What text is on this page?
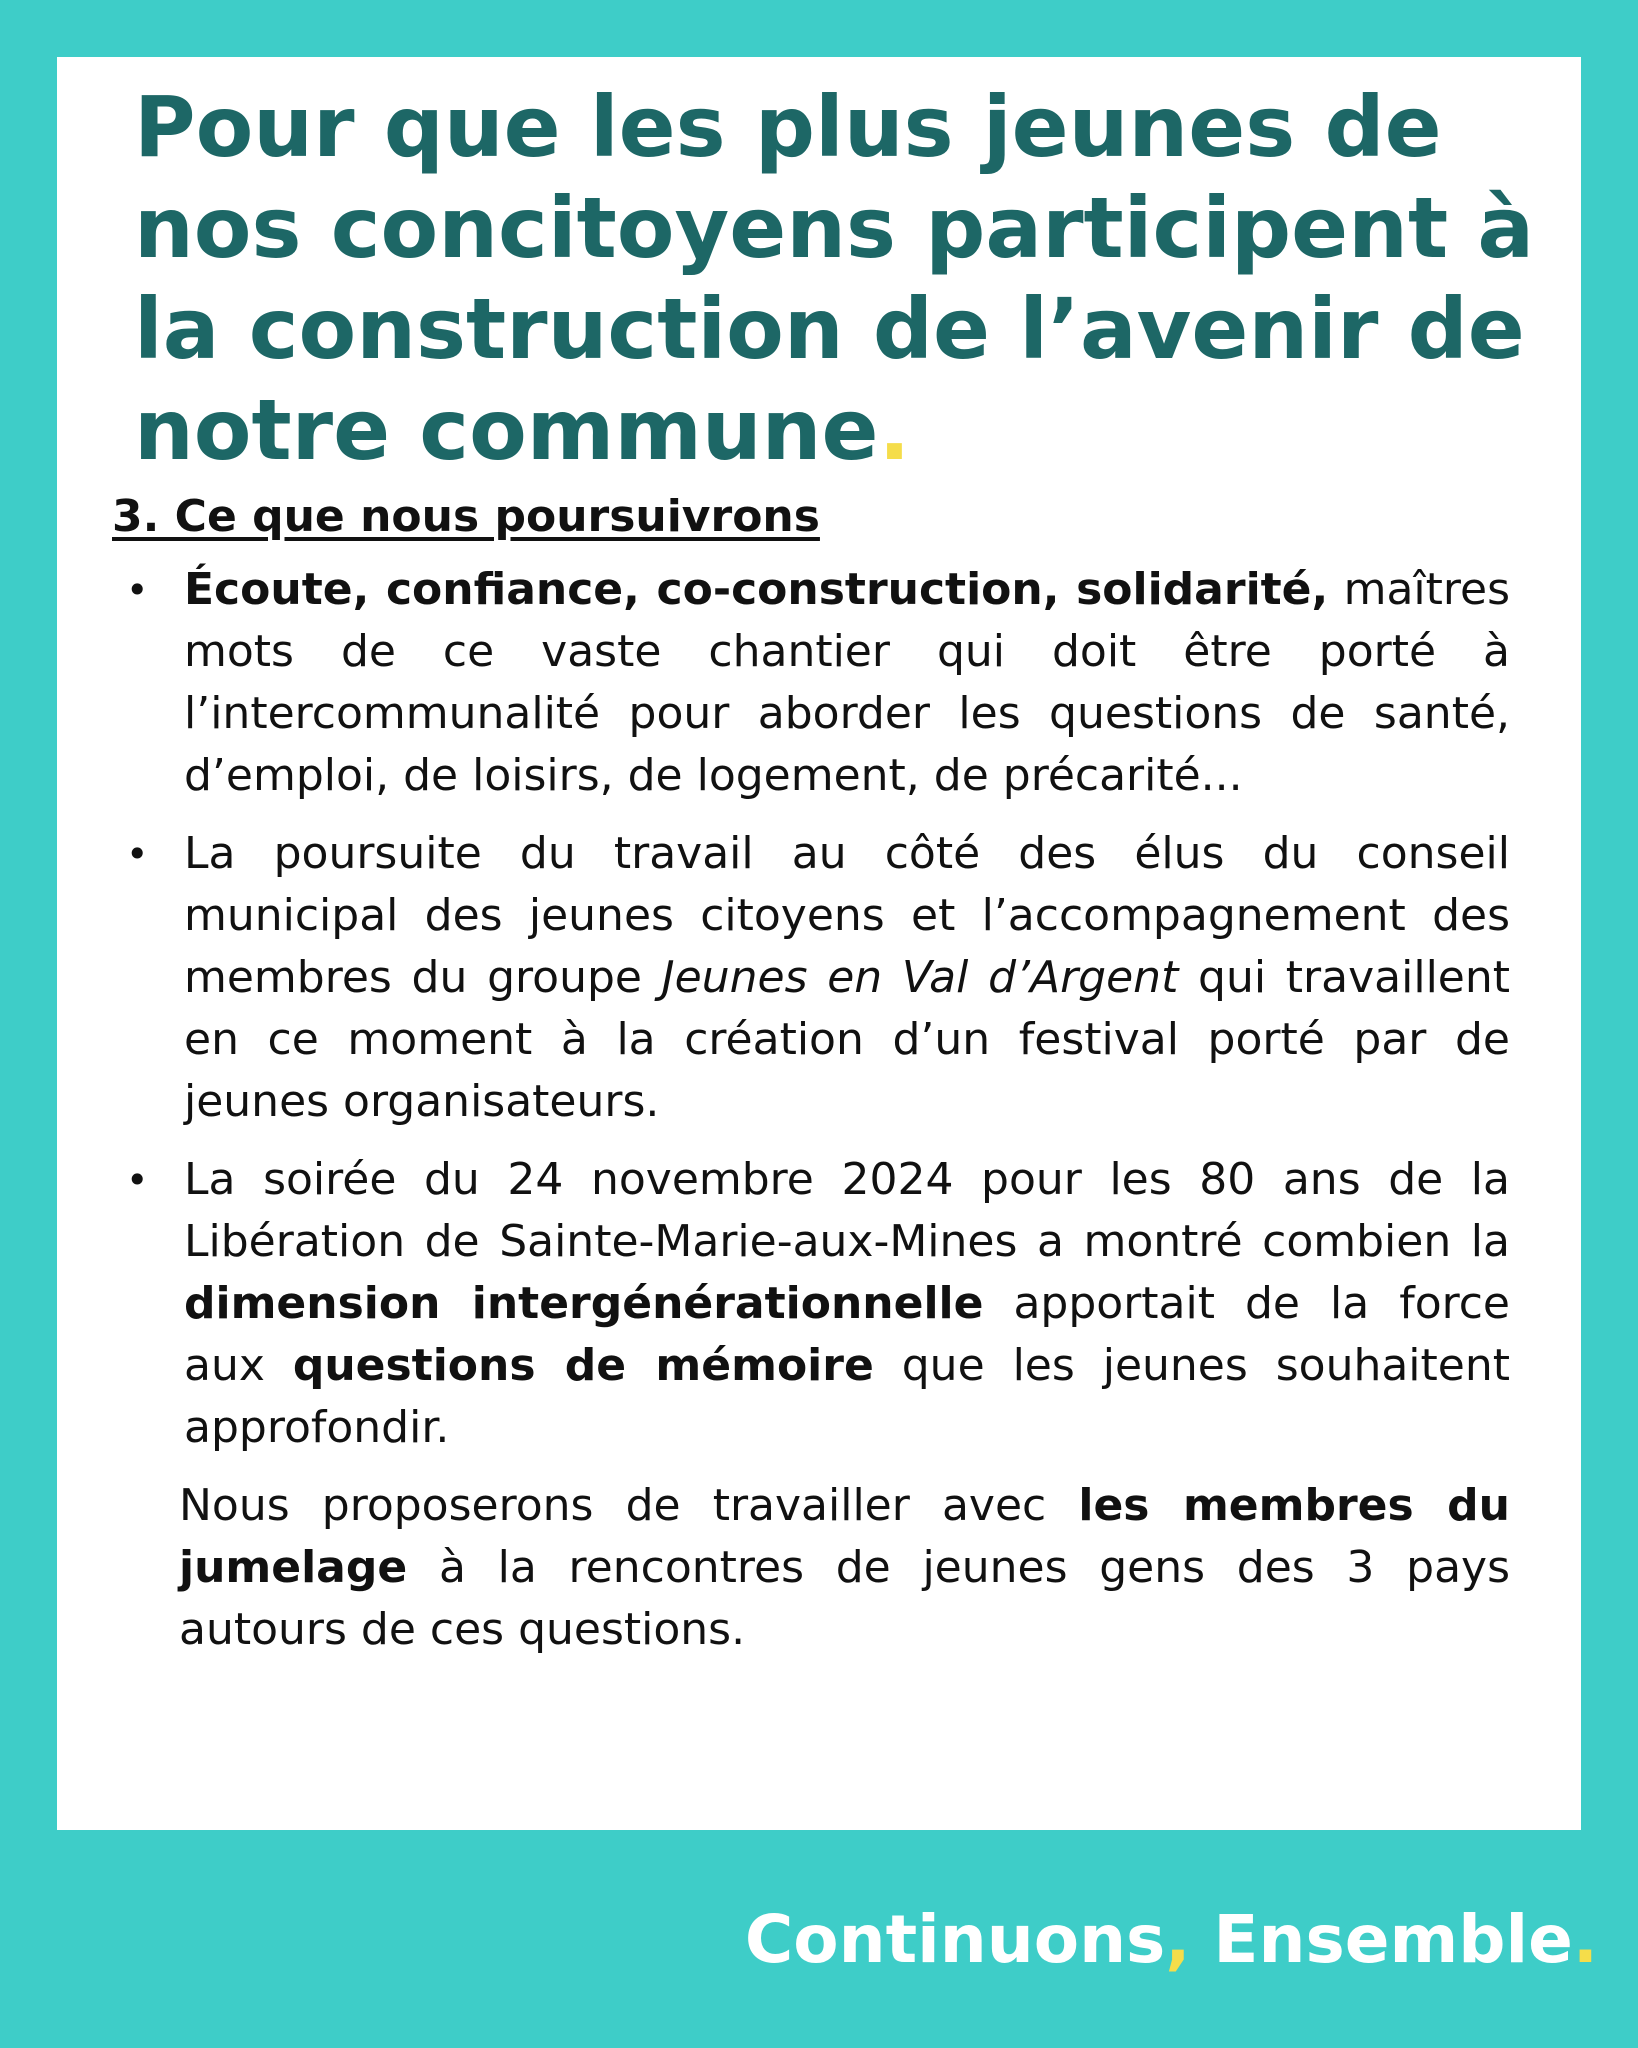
Pour que les plus jeunes de nos concitoyens participent à la construction de l’avenir de notre commune.
3. Ce que nous poursuivrons
• Écoute, confiance, co-construction, solidarité, maîtres mots de ce vaste chantier qui doit être porté à l’intercommunalité pour aborder les questions de santé, d’emploi, de loisirs, de logement, de précarité...
• La poursuite du travail au côté des élus du conseil municipal des jeunes citoyens et l’accompagnement des membres du groupe Jeunes en Val d’Argent qui travaillent en ce moment à la création d’un festival porté par de jeunes organisateurs.
• La soirée du 24 novembre 2024 pour les 80 ans de la Libération de Sainte-Marie-aux-Mines a montré combien la dimension intergénérationnelle apportait de la force aux questions de mémoire que les jeunes souhaitent approfondir.

Nous proposerons de travailler avec les membres du jumelage à la rencontres de jeunes gens des 3 pays autours de ces questions.

Continuons, Ensemble.
